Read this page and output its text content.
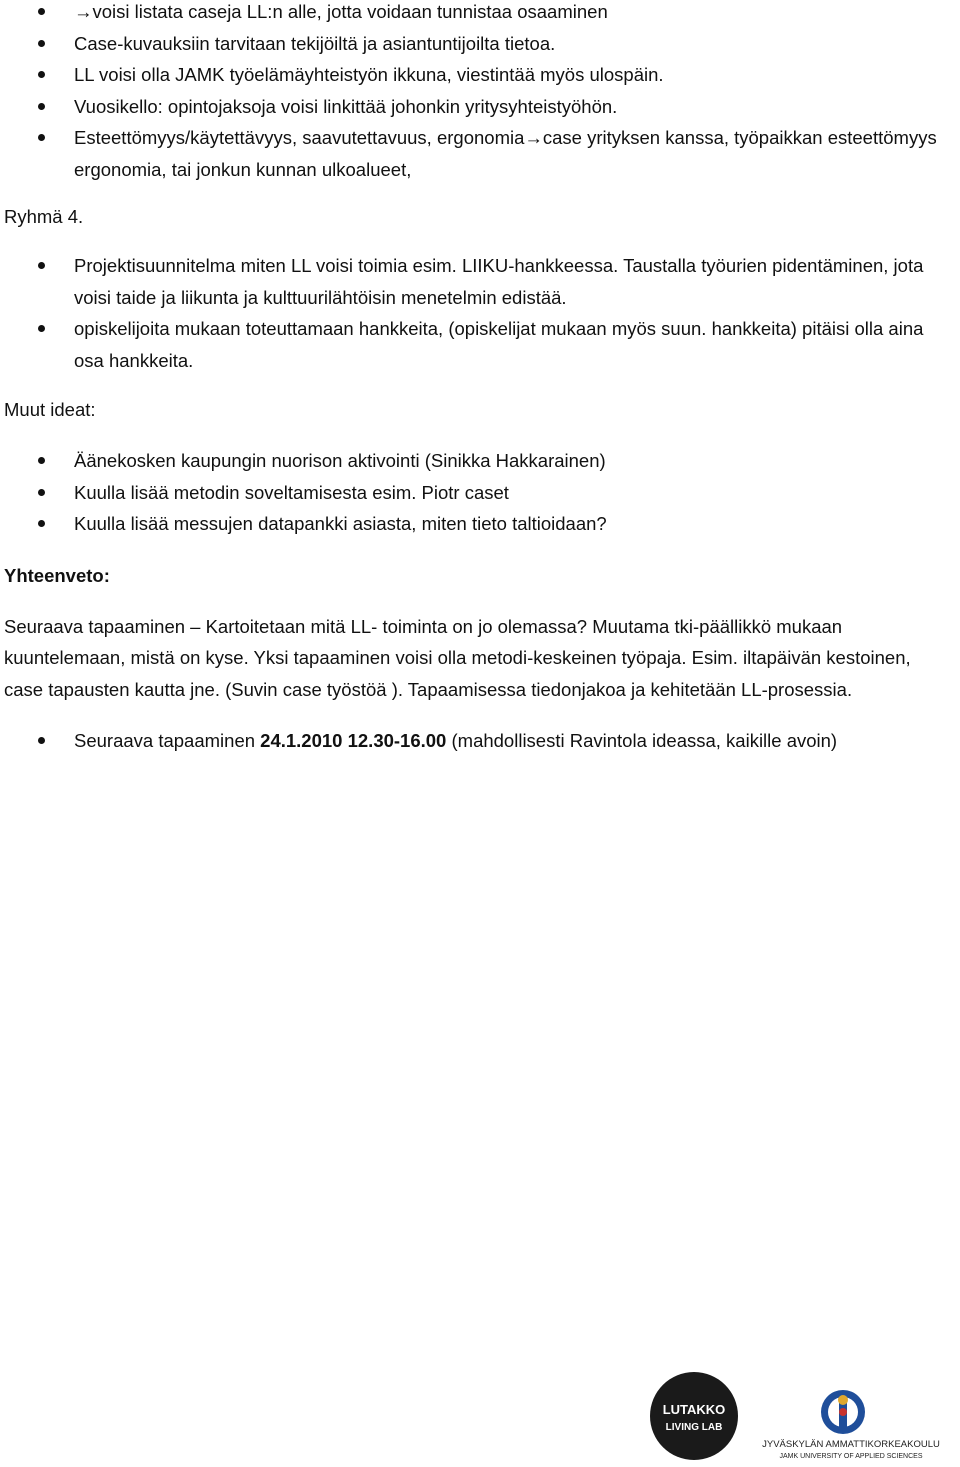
→voisi listata caseja LL:n alle, jotta voidaan tunnistaa osaaminen
Case-kuvauksiin tarvitaan tekijöiltä ja asiantuntijoilta tietoa.
LL voisi olla JAMK työelämäyhteistyön ikkuna, viestintää myös ulospäin.
Vuosikello: opintojaksoja voisi linkittää johonkin yritysyhteistyöhön.
Esteettömyys/käytettävyys, saavutettavuus, ergonomia→case yrityksen kanssa, työpaikkan esteettömyys ergonomia, tai jonkun kunnan ulkoalueet,
Ryhmä 4.
Projektisuunnitelma miten LL voisi toimia esim. LIIKU-hankkeessa. Taustalla työurien pidentäminen, jota voisi taide ja liikunta ja kulttuurilähtöisin menetelmin edistää.
opiskelijoita mukaan toteuttamaan hankkeita, (opiskelijat mukaan myös suun. hankkeita) pitäisi olla aina osa hankkeita.
Muut ideat:
Äänekosken kaupungin nuorison aktivointi (Sinikka Hakkarainen)
Kuulla lisää metodin soveltamisesta esim. Piotr caset
Kuulla lisää messujen datapankki asiasta, miten tieto taltioidaan?
Yhteenveto:
Seuraava tapaaminen – Kartoitetaan mitä LL- toiminta on jo olemassa? Muutama tki-päällikkö mukaan kuuntelemaan, mistä on kyse. Yksi tapaaminen voisi olla metodi-keskeinen työpaja. Esim. iltapäivän kestoinen, case tapausten kautta jne. (Suvin case työstöä ). Tapaamisessa tiedonjakoa ja kehitetään LL-prosessia.
Seuraava tapaaminen 24.1.2010 12.30-16.00 (mahdollisesti Ravintola ideassa, kaikille avoin)
LUTAKKO
LIVING LAB
JYVÄSKYLÄN AMMATTIKORKEAKOULU
JAMK UNIVERSITY OF APPLIED SCIENCES
